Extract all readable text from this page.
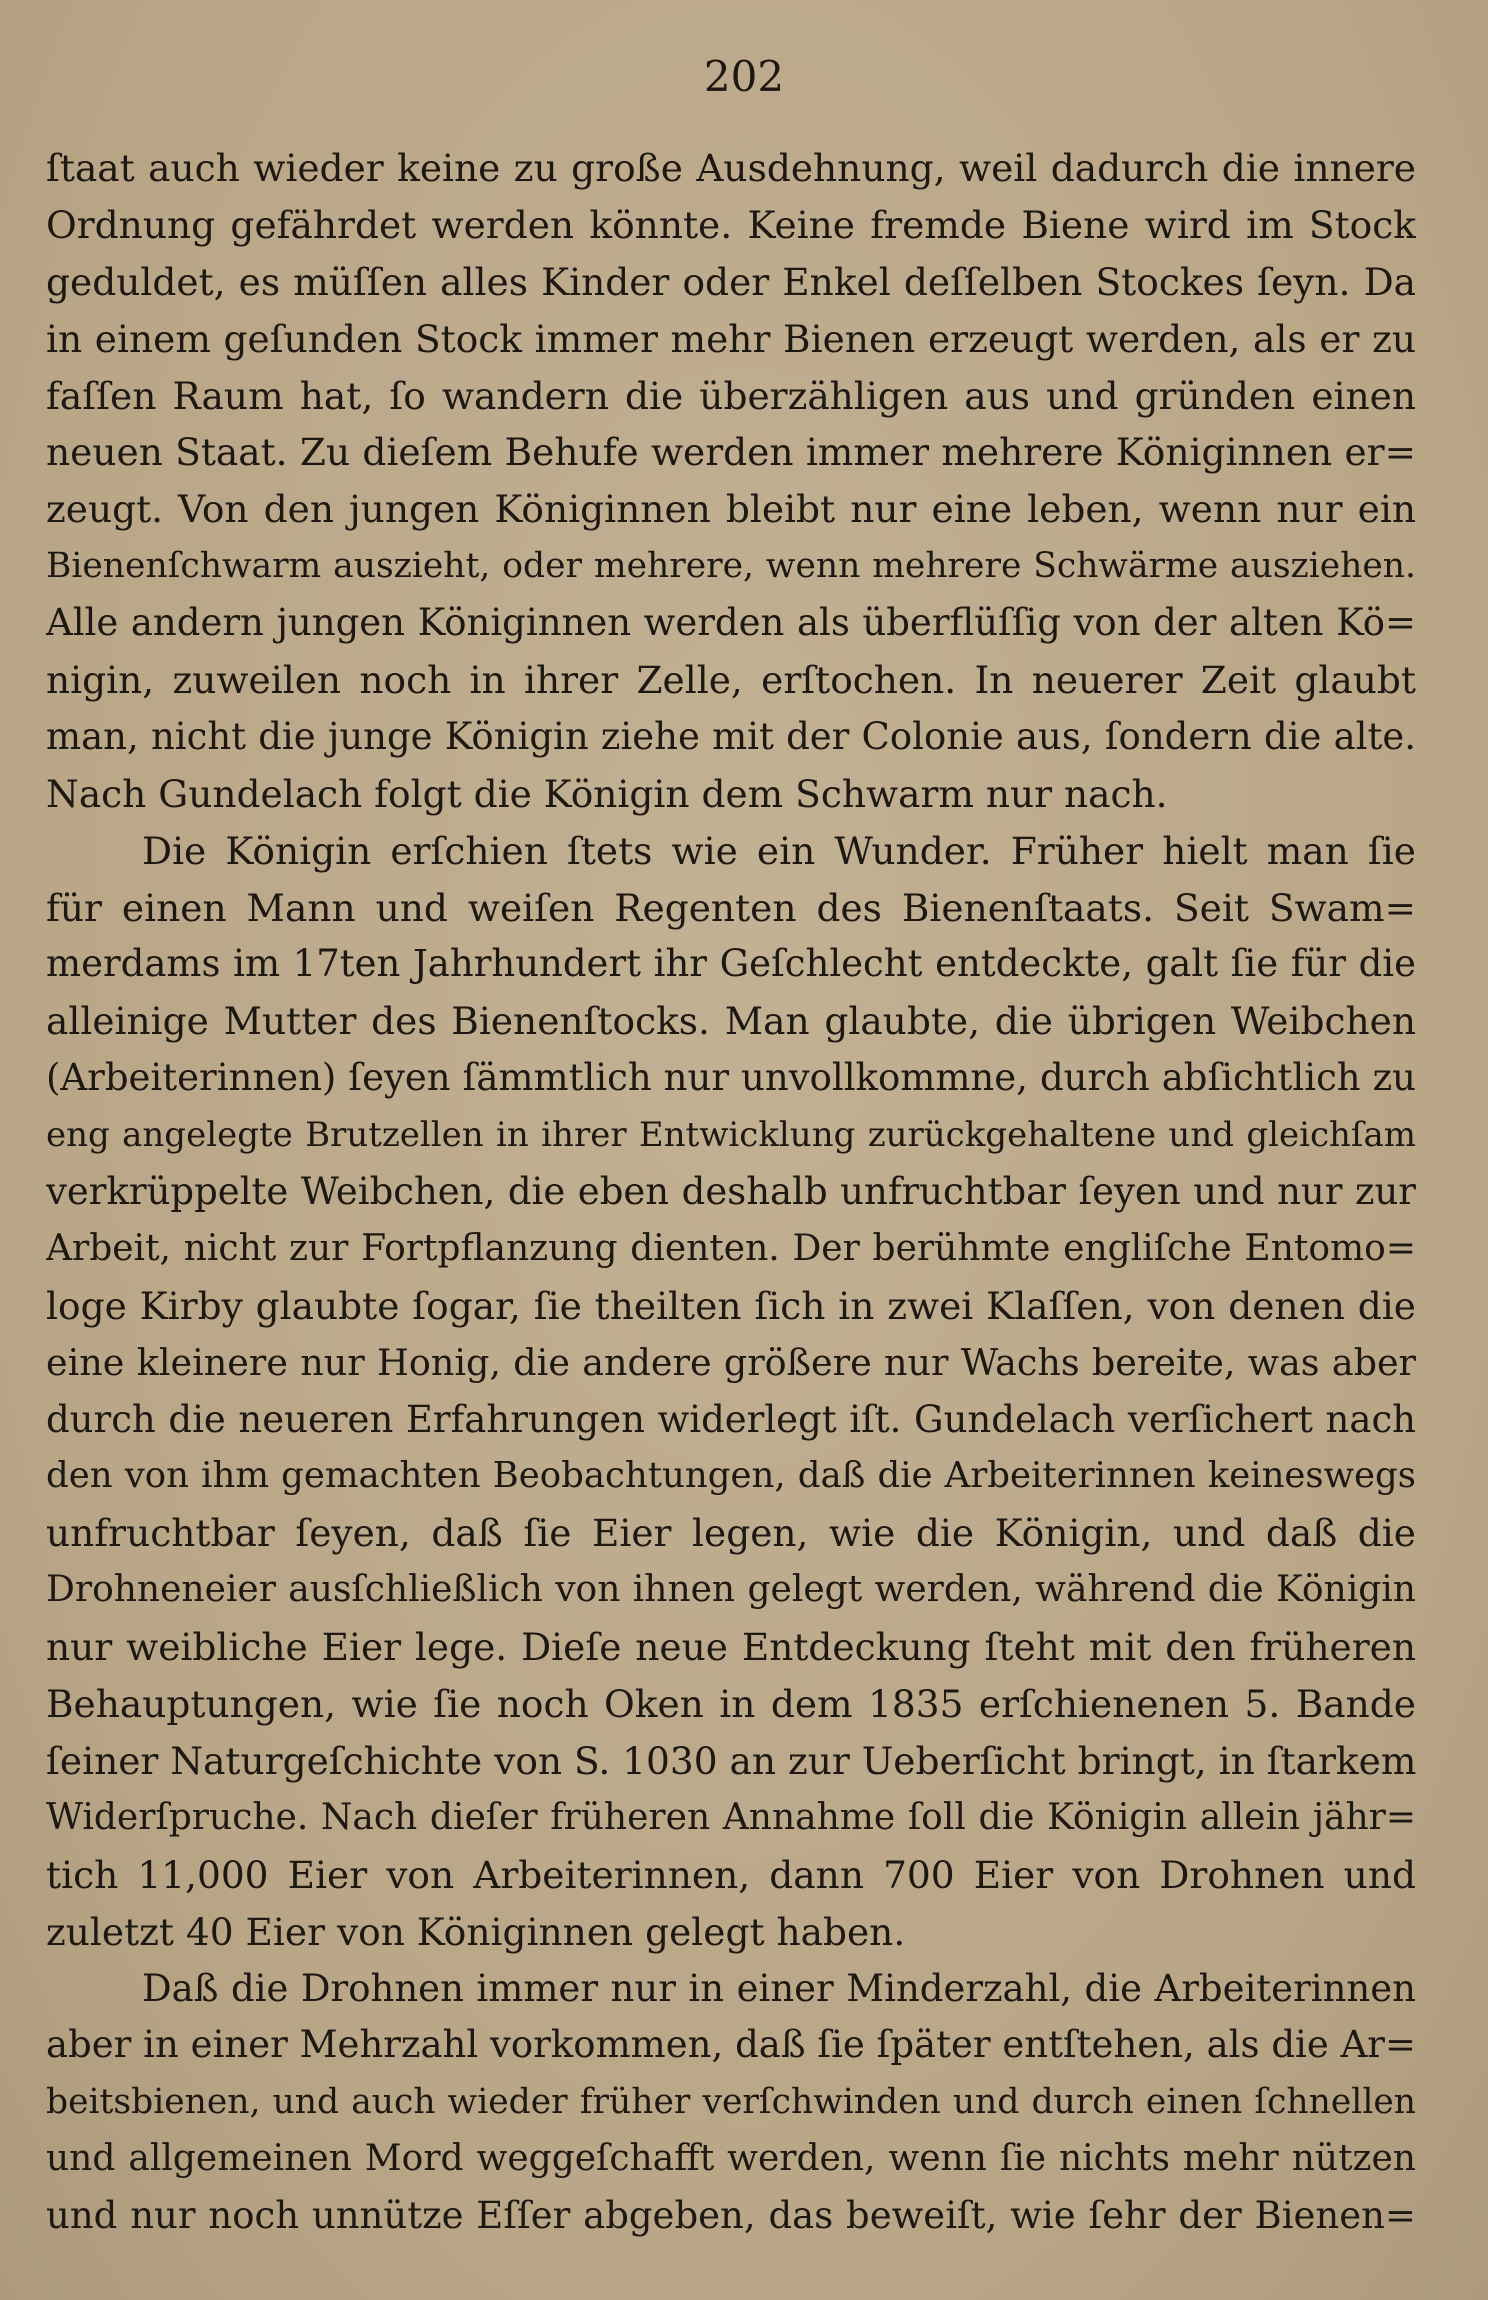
202
ſtaat auch wieder keine zu große Ausdehnung, weil dadurch die innere
Ordnung gefährdet werden könnte. Keine fremde Biene wird im Stock
geduldet, es müſſen alles Kinder oder Enkel deſſelben Stockes ſeyn. Da
in einem geſunden Stock immer mehr Bienen erzeugt werden, als er zu
faſſen Raum hat, ſo wandern die überzähligen aus und gründen einen
neuen Staat. Zu dieſem Behufe werden immer mehrere Königinnen er=
zeugt. Von den jungen Königinnen bleibt nur eine leben, wenn nur ein
Bienenſchwarm auszieht, oder mehrere, wenn mehrere Schwärme ausziehen.
Alle andern jungen Königinnen werden als überflüſſig von der alten Kö=
nigin, zuweilen noch in ihrer Zelle, erſtochen. In neuerer Zeit glaubt
man, nicht die junge Königin ziehe mit der Colonie aus, ſondern die alte.
Nach Gundelach folgt die Königin dem Schwarm nur nach.
Die Königin erſchien ſtets wie ein Wunder. Früher hielt man ſie
für einen Mann und weiſen Regenten des Bienenſtaats. Seit Swam=
merdams im 17ten Jahrhundert ihr Geſchlecht entdeckte, galt ſie für die
alleinige Mutter des Bienenſtocks. Man glaubte, die übrigen Weibchen
(Arbeiterinnen) ſeyen ſämmtlich nur unvollkommne, durch abſichtlich zu
eng angelegte Brutzellen in ihrer Entwicklung zurückgehaltene und gleichſam
verkrüppelte Weibchen, die eben deshalb unfruchtbar ſeyen und nur zur
Arbeit, nicht zur Fortpflanzung dienten. Der berühmte engliſche Entomo=
loge Kirby glaubte ſogar, ſie theilten ſich in zwei Klaſſen, von denen die
eine kleinere nur Honig, die andere größere nur Wachs bereite, was aber
durch die neueren Erfahrungen widerlegt iſt. Gundelach verſichert nach
den von ihm gemachten Beobachtungen, daß die Arbeiterinnen keineswegs
unfruchtbar ſeyen, daß ſie Eier legen, wie die Königin, und daß die
Drohneneier ausſchließlich von ihnen gelegt werden, während die Königin
nur weibliche Eier lege. Dieſe neue Entdeckung ſteht mit den früheren
Behauptungen, wie ſie noch Oken in dem 1835 erſchienenen 5. Bande
ſeiner Naturgeſchichte von S. 1030 an zur Ueberſicht bringt, in ſtarkem
Widerſpruche. Nach dieſer früheren Annahme ſoll die Königin allein jähr=
tich 11,000 Eier von Arbeiterinnen, dann 700 Eier von Drohnen und
zuletzt 40 Eier von Königinnen gelegt haben.
Daß die Drohnen immer nur in einer Minderzahl, die Arbeiterinnen
aber in einer Mehrzahl vorkommen, daß ſie ſpäter entſtehen, als die Ar=
beitsbienen, und auch wieder früher verſchwinden und durch einen ſchnellen
und allgemeinen Mord weggeſchafft werden, wenn ſie nichts mehr nützen
und nur noch unnütze Eſſer abgeben, das beweiſt, wie ſehr der Bienen=
